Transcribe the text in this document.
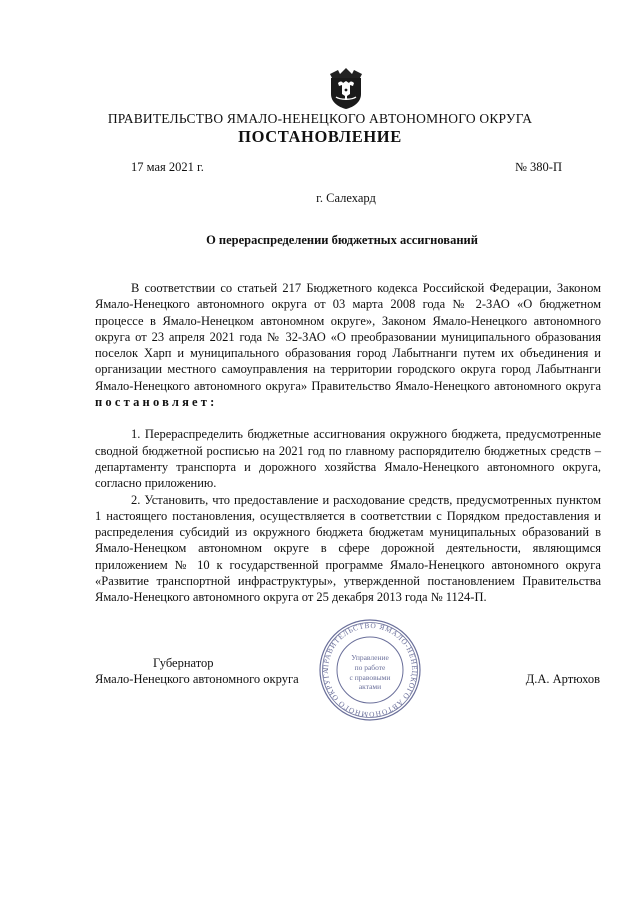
ПРАВИТЕЛЬСТВО ЯМАЛО-НЕНЕЦКОГО АВТОНОМНОГО ОКРУГА
ПОСТАНОВЛЕНИЕ
17 мая 2021 г.	№ 380-П
г. Салехард
О перераспределении бюджетных ассигнований

В соответствии со статьей 217 Бюджетного кодекса Российской Федерации, Законом Ямало-Ненецкого автономного округа от 03 марта 2008 года № 2-ЗАО «О бюджетном процессе в Ямало-Ненецком автономном округе», Законом Ямало-Ненецкого автономного округа от 23 апреля 2021 года № 32-ЗАО «О преобразовании муниципального образования поселок Харп и муниципального образования город Лабытнанги путем их объединения и организации местного самоуправления на территории городского округа город Лабытнанги Ямало-Ненецкого автономного округа» Правительство Ямало-Ненецкого автономного округа постановляет:

1. Перераспределить бюджетные ассигнования окружного бюджета, предусмотренные сводной бюджетной росписью на 2021 год по главному распорядителю бюджетных средств – департаменту транспорта и дорожного хозяйства Ямало-Ненецкого автономного округа, согласно приложению.

2. Установить, что предоставление и расходование средств, предусмотренных пунктом 1 настоящего постановления, осуществляется в соответствии с Порядком предоставления и распределения субсидий из окружного бюджета бюджетам муниципальных образований в Ямало-Ненецком автономном округе в сфере дорожной деятельности, являющимся приложением № 10 к государственной программе Ямало-Ненецкого автономного округа «Развитие транспортной инфраструктуры», утвержденной постановлением Правительства Ямало-Ненецкого автономного округа от 25 декабря 2013 года № 1124-П.

Губернатор
Ямало-Ненецкого автономного округа	Д.А. Артюхов
ПРАВИТЕЛЬСТВО ЯМАЛО-НЕНЕЦКОГО АВТОНОМНОГО ОКРУГА
Управление
по работе
с правовыми
актами
